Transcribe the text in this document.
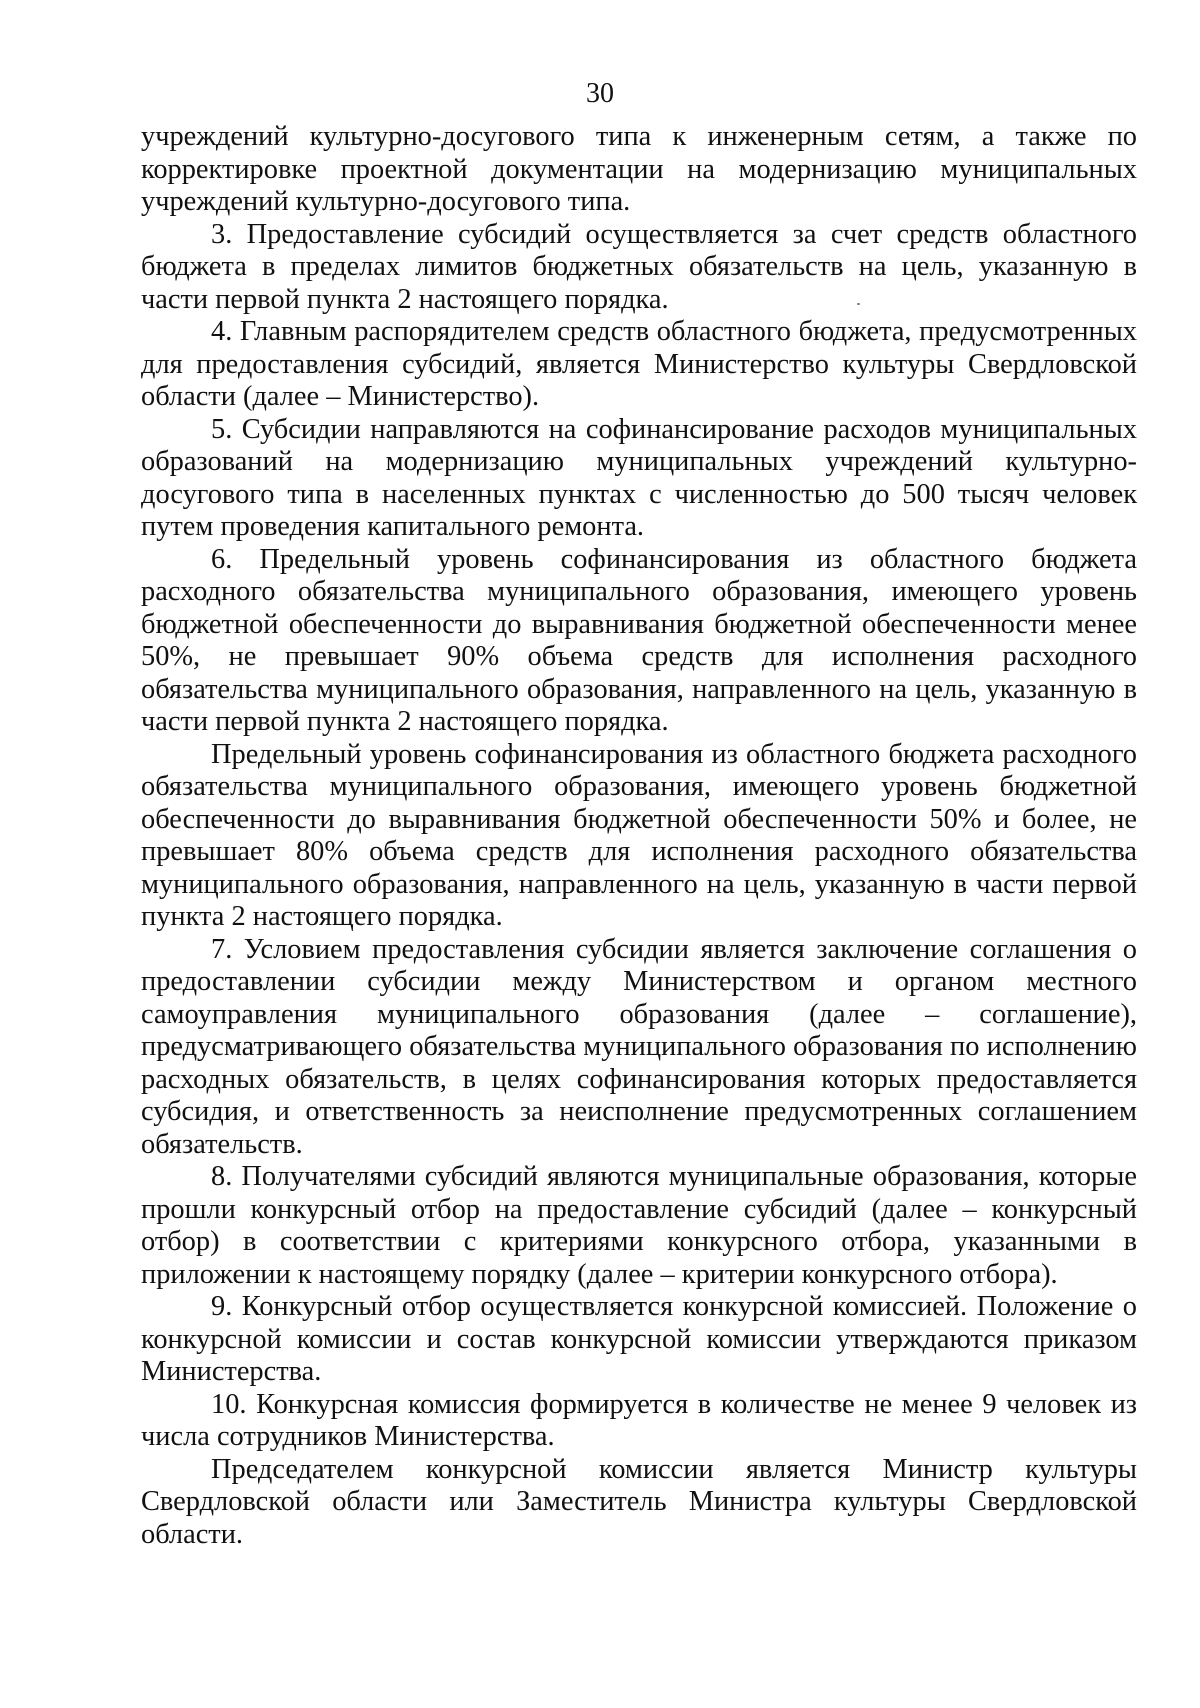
30

учреждений культурно-досугового типа к инженерным сетям, а также по корректировке проектной документации на модернизацию муниципальных учреждений культурно-досугового типа.

3. Предоставление субсидий осуществляется за счет средств областного бюджета в пределах лимитов бюджетных обязательств на цель, указанную в части первой пункта 2 настоящего порядка.

4. Главным распорядителем средств областного бюджета, предусмотренных для предоставления субсидий, является Министерство культуры Свердловской области (далее – Министерство).

5. Субсидии направляются на софинансирование расходов муниципальных образований на модернизацию муниципальных учреждений культурно-досугового типа в населенных пунктах с численностью до 500 тысяч человек путем проведения капитального ремонта.

6. Предельный уровень софинансирования из областного бюджета расходного обязательства муниципального образования, имеющего уровень бюджетной обеспеченности до выравнивания бюджетной обеспеченности менее 50%, не превышает 90% объема средств для исполнения расходного обязательства муниципального образования, направленного на цель, указанную в части первой пункта 2 настоящего порядка.

Предельный уровень софинансирования из областного бюджета расходного обязательства муниципального образования, имеющего уровень бюджетной обеспеченности до выравнивания бюджетной обеспеченности 50% и более, не превышает 80% объема средств для исполнения расходного обязательства муниципального образования, направленного на цель, указанную в части первой пункта 2 настоящего порядка.

7. Условием предоставления субсидии является заключение соглашения о предоставлении субсидии между Министерством и органом местного самоуправления муниципального образования (далее – соглашение), предусматривающего обязательства муниципального образования по исполнению расходных обязательств, в целях софинансирования которых предоставляется субсидия, и ответственность за неисполнение предусмотренных соглашением обязательств.

8. Получателями субсидий являются муниципальные образования, которые прошли конкурсный отбор на предоставление субсидий (далее – конкурсный отбор) в соответствии с критериями конкурсного отбора, указанными в приложении к настоящему порядку (далее – критерии конкурсного отбора).

9. Конкурсный отбор осуществляется конкурсной комиссией. Положение о конкурсной комиссии и состав конкурсной комиссии утверждаются приказом Министерства.

10. Конкурсная комиссия формируется в количестве не менее 9 человек из числа сотрудников Министерства.

Председателем конкурсной комиссии является Министр культуры Свердловской области или Заместитель Министра культуры Свердловской области.
